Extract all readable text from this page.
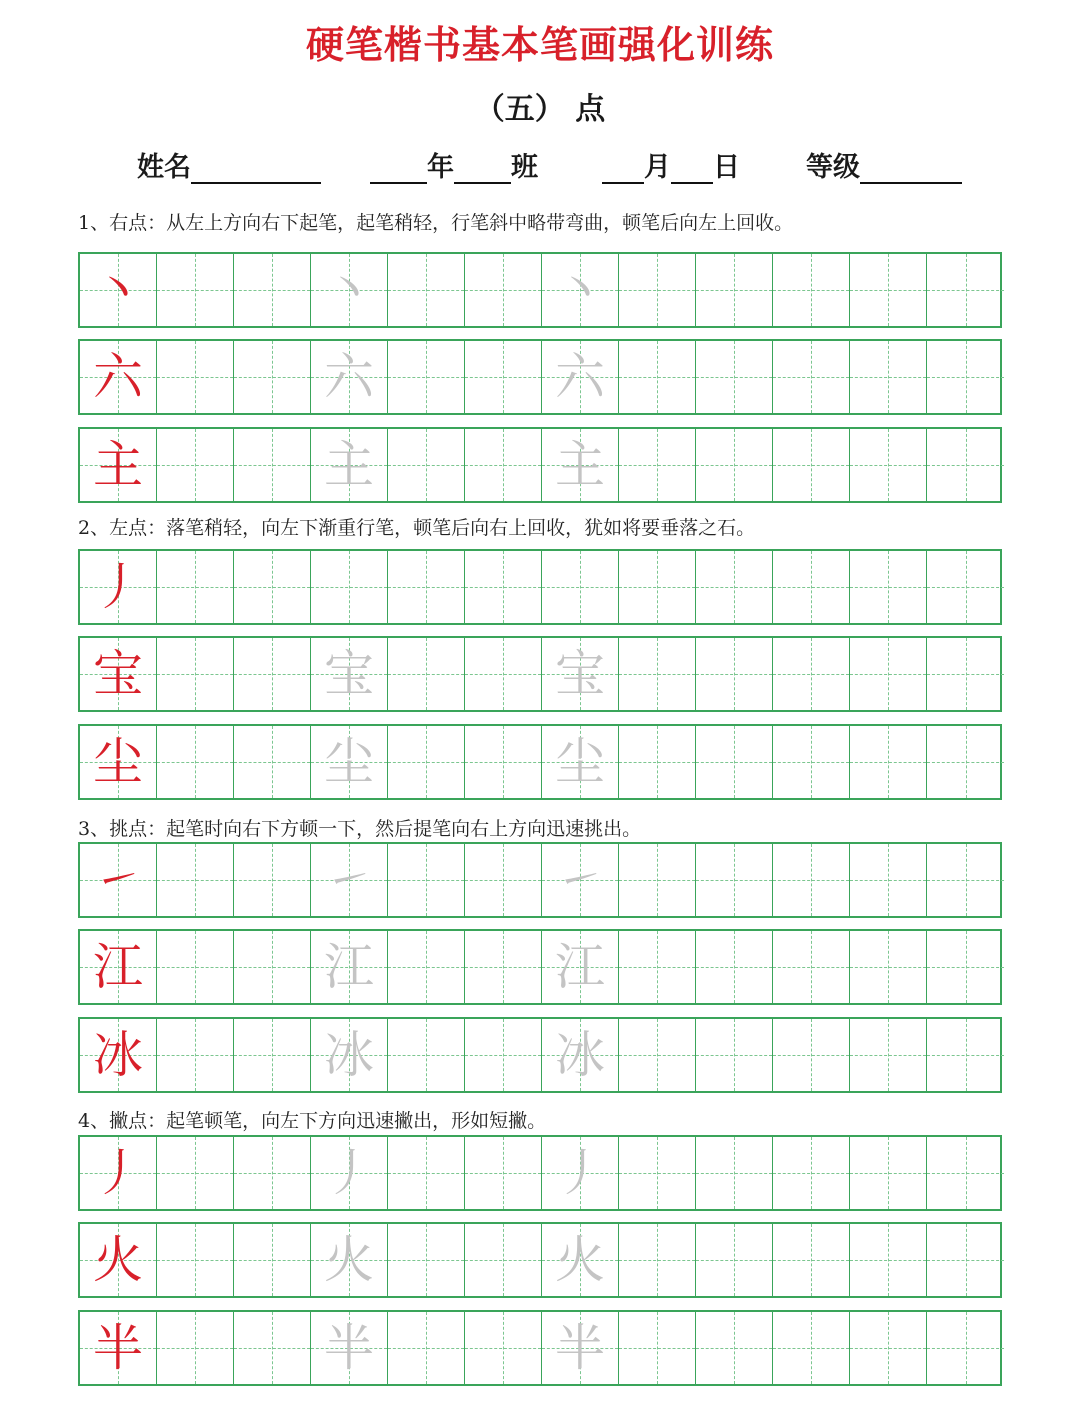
硬笔楷书基本笔画强化训练
（五） 点
姓名	年 班	月 日 等级
1、右点：从左上方向右下起笔，起笔稍轻，行笔斜中略带弯曲，顿笔后向左上回收。
丶	丶	丶
六	六	六
主	主	主
2、左点：落笔稍轻，向左下渐重行笔，顿笔后向右上回收，犹如将要垂落之石。
丿
宝	宝	宝
尘	尘	尘
3、挑点：起笔时向右下方顿一下，然后提笔向右上方向迅速挑出。
㇀	㇀	㇀
江	江	江
冰	冰	冰
4、撇点：起笔顿笔，向左下方向迅速撇出，形如短撇。
丿	丿	丿
火	火	火
半	半	半
